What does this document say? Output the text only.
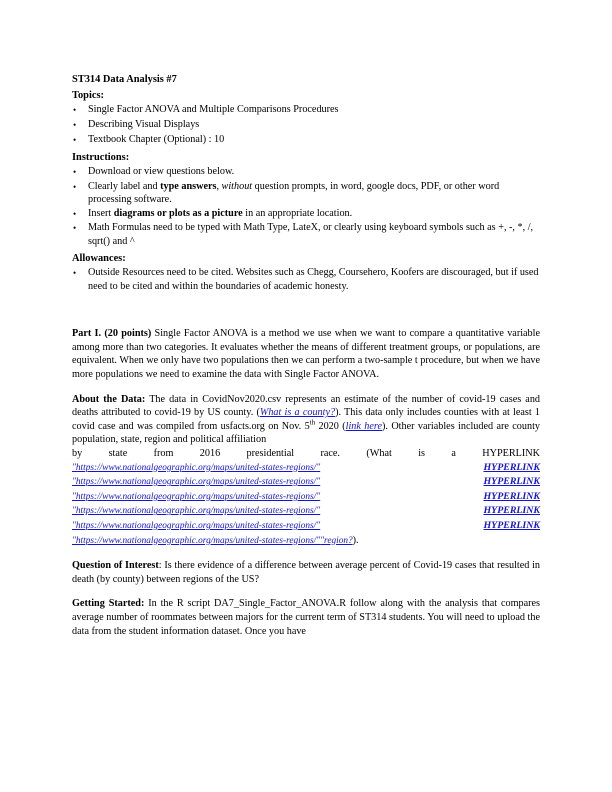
ST314 Data Analysis #7
Topics:
• Single Factor ANOVA and Multiple Comparisons Procedures
• Describing Visual Displays
• Textbook Chapter (Optional) : 10
Instructions:
• Download or view questions below.
• Clearly label and type answers, without question prompts, in word, google docs, PDF, or other word processing software.
• Insert diagrams or plots as a picture in an appropriate location.
• Math Formulas need to be typed with Math Type, LateX, or clearly using keyboard symbols such as +, -, *, /, sqrt() and ^
Allowances:
• Outside Resources need to be cited. Websites such as Chegg, Coursehero, Koofers are discouraged, but if used need to be cited and within the boundaries of academic honesty.

Part I. (20 points) Single Factor ANOVA is a method we use when we want to compare a quantitative variable among more than two categories. It evaluates whether the means of different treatment groups, or populations, are equivalent. When we only have two populations then we can perform a two-sample t procedure, but when we have more populations we need to examine the data with Single Factor ANOVA.

About the Data: The data in CovidNov2020.csv represents an estimate of the number of covid-19 cases and deaths attributed to covid-19 by US county. (What is a county?). This data only includes counties with at least 1 covid case and was compiled from usfacts.org on Nov. 5th 2020 (link here). Other variables included are county population, state, region and political affiliation

by	state	from	2016	presidential	race.	(What	is	a	HYPERLINK
"https://www.nationalgeographic.org/maps/united-states-regions/"	HYPERLINK
"https://www.nationalgeographic.org/maps/united-states-regions/"	HYPERLINK
"https://www.nationalgeographic.org/maps/united-states-regions/"	HYPERLINK
"https://www.nationalgeographic.org/maps/united-states-regions/"	HYPERLINK
"https://www.nationalgeographic.org/maps/united-states-regions/"	HYPERLINK
"https://www.nationalgeographic.org/maps/united-states-regions/""region?).

Question of Interest: Is there evidence of a difference between average percent of Covid-19 cases that resulted in death (by county) between regions of the US?

Getting Started: In the R script DA7_Single_Factor_ANOVA.R follow along with the analysis that compares average number of roommates between majors for the current term of ST314 students. You will need to upload the data from the student information dataset. Once you have
